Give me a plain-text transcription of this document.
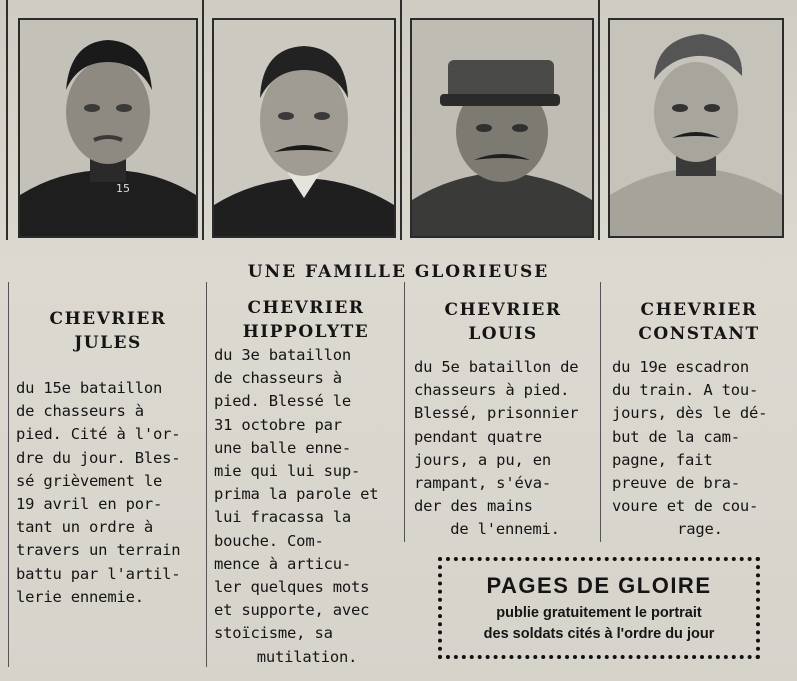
15
UNE FAMILLE GLORIEUSE
CHEVRIER
JULES
du 15e bataillon
de chasseurs à
pied. Cité à l'or-
dre du jour. Bles-
sé grièvement le
19 avril en por-
tant un ordre à
travers un terrain
battu par l'artil-
lerie ennemie.
CHEVRIER
HIPPOLYTE
du 3e bataillon
de chasseurs à
pied. Blessé le
31 octobre par
une balle enne-
mie qui lui sup-
prima la parole et
lui fracassa la
bouche. Com-
mence à articu-
ler quelques mots
et supporte, avec
stoïcisme, sa
mutilation.
CHEVRIER
LOUIS
du 5e bataillon de
chasseurs à pied.
Blessé, prisonnier
pendant quatre
jours, a pu, en
rampant, s'éva-
der des mains
de l'ennemi.
CHEVRIER
CONSTANT
du 19e escadron
du train. A tou-
jours, dès le dé-
but de la cam-
pagne, fait
preuve de bra-
voure et de cou-
rage.
PAGES DE GLOIRE
publie gratuitement le portrait
des soldats cités à l'ordre du jour
